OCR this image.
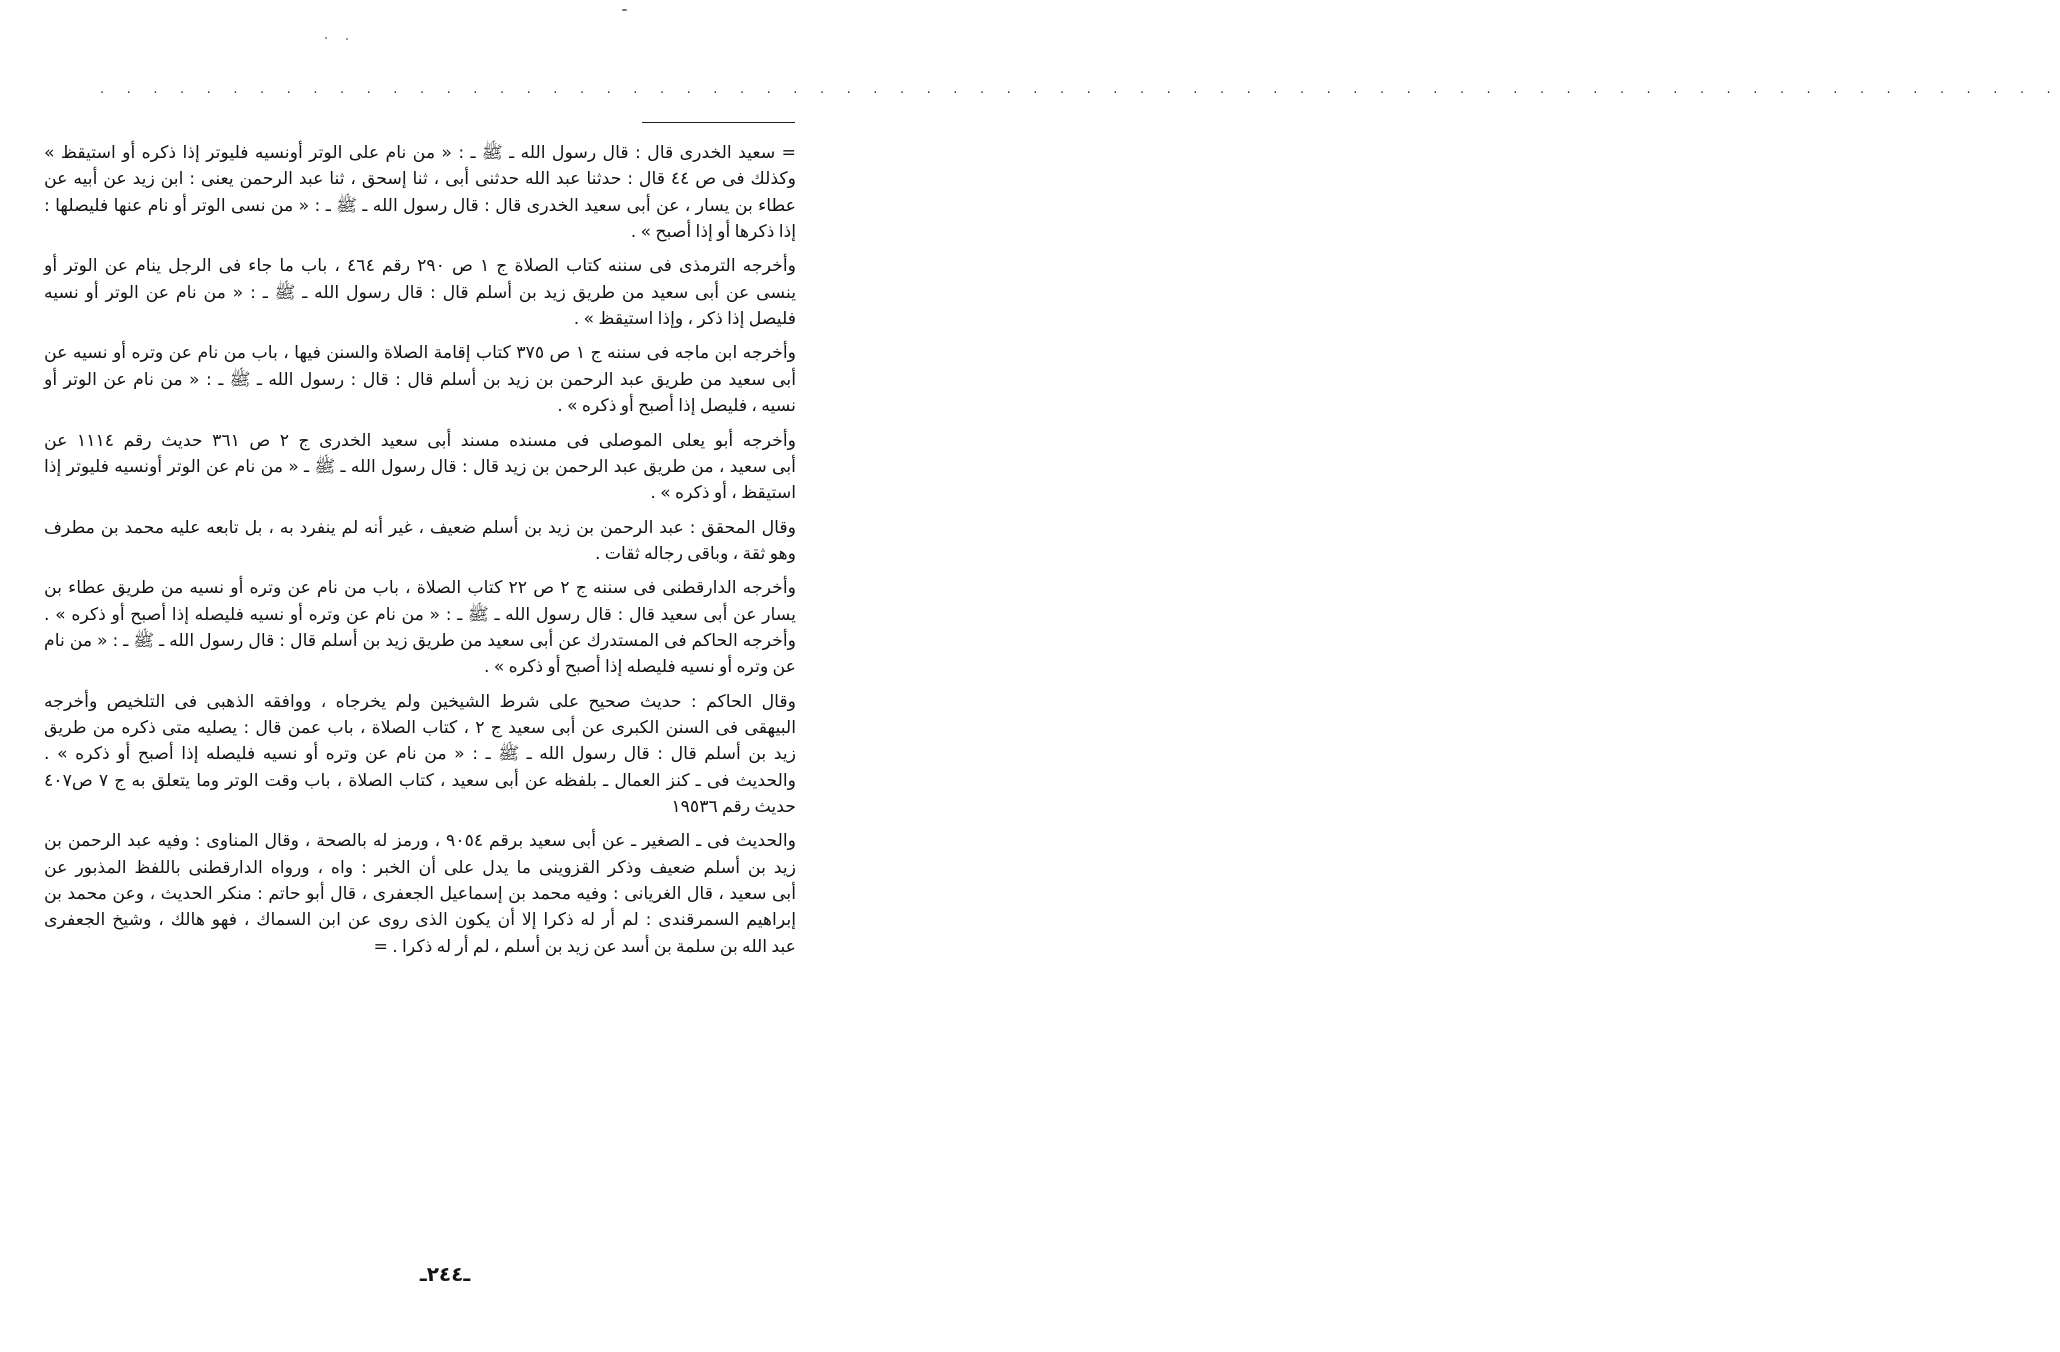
. . . . . . . . . . . . . . . . . . . . . . . . . . . . . . . . . . . . . . . . . . . . . . . . . . . . . . . . . . . . . . . . . . . . . . . . . .
= سعيد الخدرى قال : قال رسول الله ـ ﷺ ـ : « من نام على الوتر أونسيه فليوتر إذا ذكره أو استيقظ »
وكذلك فى ص ٤٤ قال : حدثنا عبد الله حدثنى أبى ، ثنا إسحق ، ثنا عبد الرحمن يعنى : ابن زيد عن أبيه عن
عطاء بن يسار ، عن أبى سعيد الخدرى قال : قال رسول الله ـ ﷺ ـ : « من نسى الوتر أو نام عنها فليصلها :
إذا ذكرها أو إذا أصبح » .
وأخرجه الترمذى فى سننه كتاب الصلاة ج ١ ص ٢٩٠ رقم ٤٦٤ ، باب ما جاء فى الرجل ينام عن الوتر أو
ينسى عن أبى سعيد من طريق زيد بن أسلم قال : قال رسول الله ـ ﷺ ـ : « من نام عن الوتر أو نسيه
فليصل إذا ذكر ، وإذا استيقظ » .
وأخرجه ابن ماجه فى سننه ج ١ ص ٣٧٥ كتاب إقامة الصلاة والسنن فيها ، باب من نام عن وتره أو نسيه عن
أبى سعيد من طريق عبد الرحمن بن زيد بن أسلم قال : قال : رسول الله ـ ﷺ ـ : « من نام عن الوتر أو
نسيه ، فليصل إذا أصبح أو ذكره » .
وأخرجه أبو يعلى الموصلى فى مسنده مسند أبى سعيد الخدرى ج ٢ ص ٣٦١ حديث رقم ١١١٤ عن
أبى سعيد ، من طريق عبد الرحمن بن زيد قال : قال رسول الله ـ ﷺ ـ « من نام عن الوتر أونسيه فليوتر إذا
استيقظ ، أو ذكره » .
وقال المحقق : عبد الرحمن بن زيد بن أسلم ضعيف ، غير أنه لم ينفرد به ، بل تابعه عليه محمد بن مطرف
وهو ثقة ، وباقى رجاله ثقات .
وأخرجه الدارقطنى فى سننه ج ٢ ص ٢٢ كتاب الصلاة ، باب من نام عن وتره أو نسيه من طريق عطاء بن
يسار عن أبى سعيد قال : قال رسول الله ـ ﷺ ـ : « من نام عن وتره أو نسيه فليصله إذا أصبح أو ذكره » .
وأخرجه الحاكم فى المستدرك عن أبى سعيد من طريق زيد بن أسلم قال : قال رسول الله ـ ﷺ ـ : « من نام
عن وتره أو نسيه فليصله إذا أصبح أو ذكره » .
وقال الحاكم : حديث صحيح على شرط الشيخين ولم يخرجاه ، ووافقه الذهبى فى التلخيص وأخرجه
البيهقى فى السنن الكبرى عن أبى سعيد ج ٢ ، كتاب الصلاة ، باب عمن قال : يصليه متى ذكره من طريق
زيد بن أسلم قال : قال رسول الله ـ ﷺ ـ : « من نام عن وتره أو نسيه فليصله إذا أصبح أو ذكره » .
والحديث فى ـ كنز العمال ـ بلفظه عن أبى سعيد ، كتاب الصلاة ، باب وقت الوتر وما يتعلق به ج ٧ ص٤٠٧
حديث رقم ١٩٥٣٦
والحديث فى ـ الصغير ـ عن أبى سعيد برقم ٩٠٥٤ ، ورمز له بالصحة ، وقال المناوى : وفيه عبد الرحمن بن
زيد بن أسلم ضعيف وذكر القزوينى ما يدل على أن الخبر : واه ، ورواه الدارقطنى باللفظ المذبور عن
أبى سعيد ، قال الغريانى : وفيه محمد بن إسماعيل الجعفرى ، قال أبو حاتم : منكر الحديث ، وعن محمد بن
إبراهيم السمرقندى : لم أر له ذكرا إلا أن يكون الذى روى عن ابن السماك ، فهو هالك ، وشيخ الجعفرى
عبد الله بن سلمة بن أسد عن زيد بن أسلم ، لم أر له ذكرا . =
ـ٢٤٤ـ
